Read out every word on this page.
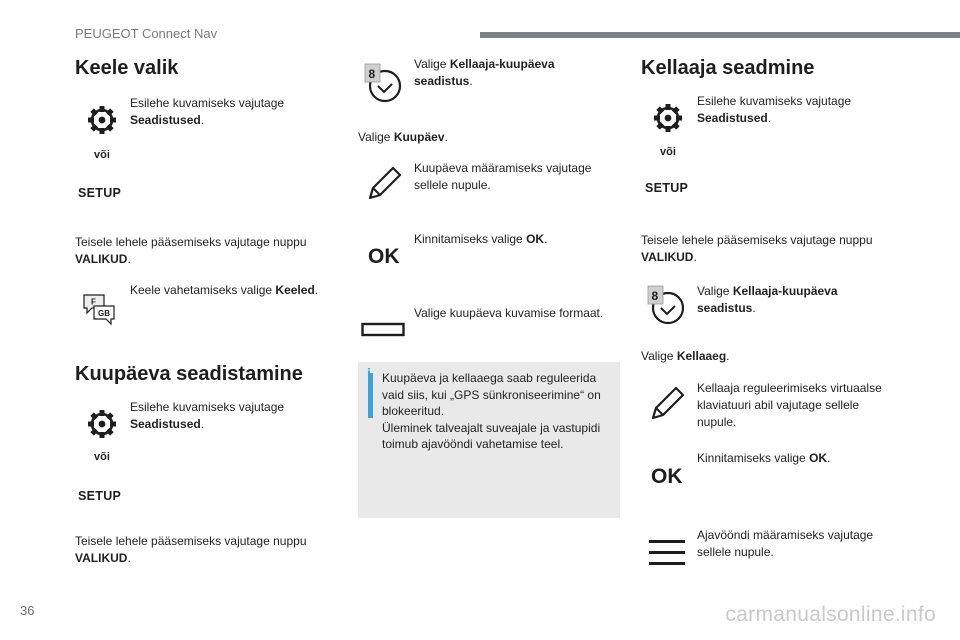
PEUGEOT Connect Nav
Keele valik
Esilehe kuvamiseks vajutage Seadistused.
või
SETUP
Teisele lehele pääsemiseks vajutage nuppu VALIKUD.
F
GB
Keele vahetamiseks valige Keeled.
Kuupäeva seadistamine
Esilehe kuvamiseks vajutage Seadistused.
või
SETUP
Teisele lehele pääsemiseks vajutage nuppu VALIKUD.
8
Valige Kellaaja-kuupäeva seadistus.
Valige Kuupäev.
Kuupäeva määramiseks vajutage sellele nupule.
OK
Kinnitamiseks valige OK.
Valige kuupäeva kuvamise formaat.
i Kuupäeva ja kellaaega saab reguleerida vaid siis, kui „GPS sünkroniseerimine“ on blokeeritud.
Üleminek talveajalt suveajale ja vastupidi toimub ajavööndi vahetamise teel.
Kellaaja seadmine
Esilehe kuvamiseks vajutage Seadistused.
või
SETUP
Teisele lehele pääsemiseks vajutage nuppu VALIKUD.
8	Valige Kellaaja-kuupäeva seadistus.
Valige Kellaaeg.
Kellaaja reguleerimiseks virtuaalse klaviatuuri abil vajutage sellele nupule.
OK
Kinnitamiseks valige OK.
Ajavööndi määramiseks vajutage sellele nupule.
36	carmanualsonline.info
